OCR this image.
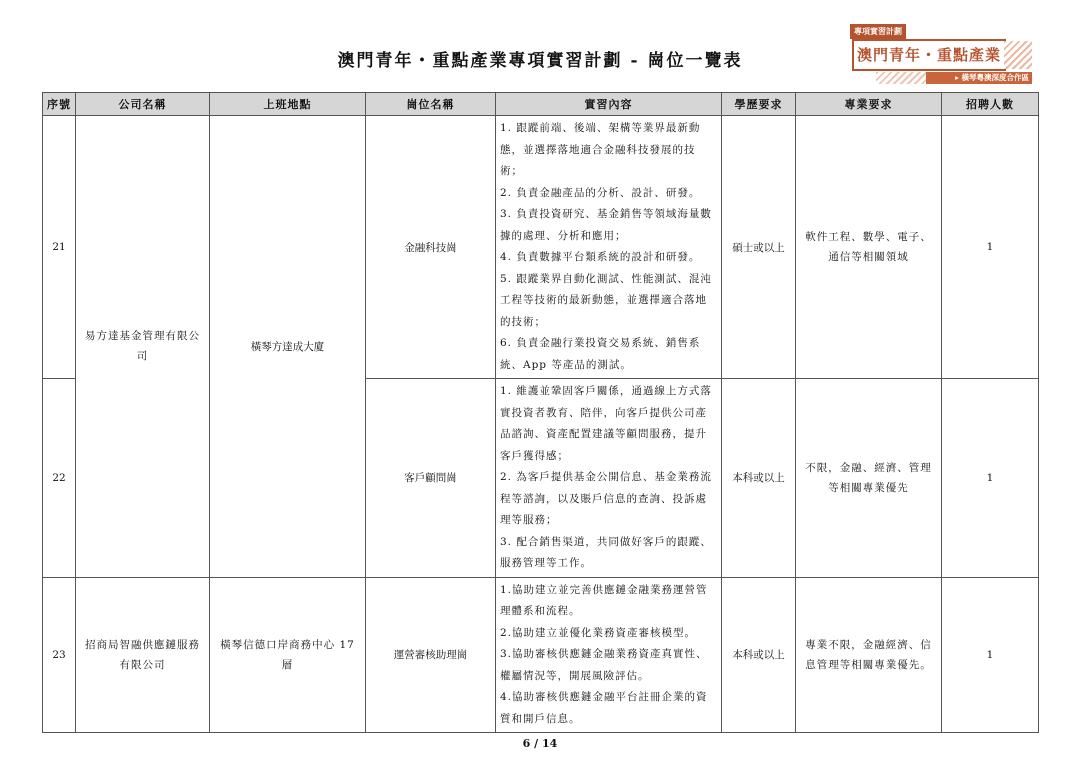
澳門青年・重點產業專項實習計劃 - 崗位一覽表
專項實習計劃
澳門青年・重點產業
▸ 橫琴粵澳深度合作區
序號	公司名稱	上班地點	崗位名稱	實習內容	學歷要求	專業要求	招聘人數
21	易方達基金管理有限公司	橫琴方達成大廈	金融科技崗	
1. 跟蹤前端、後端、架構等業界最新動態，並選擇落地適合金融科技發展的技術；
2. 負責金融產品的分析、設計、研發。
3. 負責投資研究、基金銷售等領域海量數據的處理、分析和應用；
4. 負責數據平台類系統的設計和研發。
5. 跟蹤業界自動化測試、性能測試、混沌工程等技術的最新動態，並選擇適合落地的技術；
6. 負責金融行業投資交易系統、銷售系統、App 等產品的測試。
	碩士或以上	軟件工程、數學、電子、通信等相關領域	1
22			客戶顧問崗	1. 維護並鞏固客戶關係，通過線上方式落實投資者教育、陪伴，向客戶提供公司產品諮詢、資產配置建議等顧問服務，提升客戶獲得感；
2. 為客戶提供基金公開信息、基金業務流程等諮詢，以及賬戶信息的查詢、投訴處理等服務；
3. 配合銷售渠道，共同做好客戶的跟蹤、服務管理等工作。	本科或以上	不限，金融、經濟、管理等相關專業優先	1
23	招商局智融供應鏈服務有限公司	橫琴信德口岸商務中心 17 層	運營審核助理崗	1.協助建立並完善供應鏈金融業務運營管理體系和流程。
2.協助建立並優化業務資產審核模型。
3.協助審核供應鏈金融業務資產真實性、權屬情況等，開展風險評估。
4.協助審核供應鏈金融平台註冊企業的資質和開戶信息。	本科或以上	專業不限，金融經濟、信息管理等相關專業優先。	1
6 / 14
